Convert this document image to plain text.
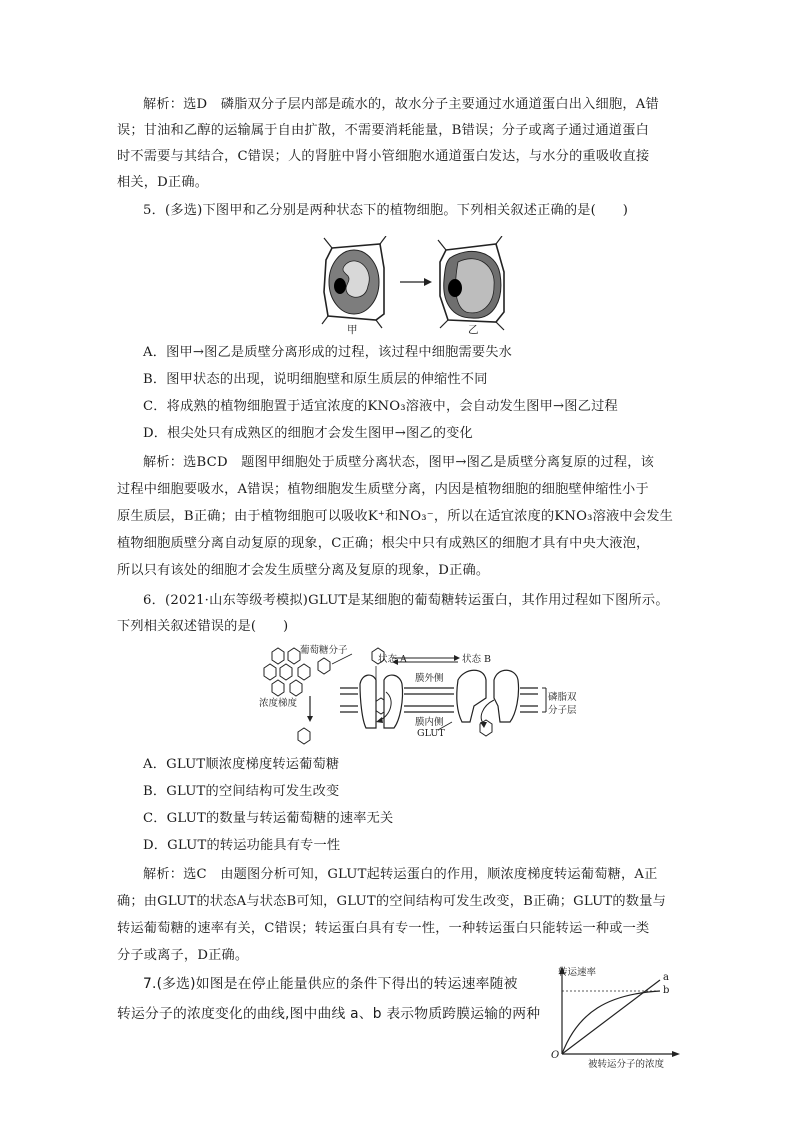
解析：选D　磷脂双分子层内部是疏水的，故水分子主要通过水通道蛋白出入细胞，A错

误；甘油和乙醇的运输属于自由扩散，不需要消耗能量，B错误；分子或离子通过通道蛋白

时不需要与其结合，C错误；人的肾脏中肾小管细胞水通道蛋白发达，与水分的重吸收直接

相关，D正确。

5．(多选)下图甲和乙分别是两种状态下的植物细胞。下列相关叙述正确的是(　　)

甲	乙

A．图甲→图乙是质壁分离形成的过程，该过程中细胞需要失水

B．图甲状态的出现，说明细胞壁和原生质层的伸缩性不同

C．将成熟的植物细胞置于适宜浓度的KNO₃溶液中，会自动发生图甲→图乙过程

D．根尖处只有成熟区的细胞才会发生图甲→图乙的变化

解析：选BCD　题图甲细胞处于质壁分离状态，图甲→图乙是质壁分离复原的过程，该

过程中细胞要吸水，A错误；植物细胞发生质壁分离，内因是植物细胞的细胞壁伸缩性小于

原生质层，B正确；由于植物细胞可以吸收K⁺和NO₃⁻，所以在适宜浓度的KNO₃溶液中会发生

植物细胞质壁分离自动复原的现象，C正确；根尖中只有成熟区的细胞才具有中央大液泡，

所以只有该处的细胞才会发生质壁分离及复原的现象，D正确。

6．(2021·山东等级考模拟)GLUT是某细胞的葡萄糖转运蛋白，其作用过程如下图所示。

下列相关叙述错误的是(　　)

葡萄糖分子
状态 A	状态 B
膜外侧
浓度梯度
磷脂双
分子层
膜内侧
GLUT

A．GLUT顺浓度梯度转运葡萄糖

B．GLUT的空间结构可发生改变

C．GLUT的数量与转运葡萄糖的速率无关

D．GLUT的转运功能具有专一性

解析：选C　由题图分析可知，GLUT起转运蛋白的作用，顺浓度梯度转运葡萄糖，A正

确；由GLUT的状态A与状态B可知，GLUT的空间结构可发生改变，B正确；GLUT的数量与

转运葡萄糖的速率有关，C错误；转运蛋白具有专一性，一种转运蛋白只能转运一种或一类

分子或离子，D正确。

7.(多选)如图是在停止能量供应的条件下得出的转运速率随被

转运分子的浓度变化的曲线,图中曲线 a、b 表示物质跨膜运输的两种

转运速率	a
b
O
被转运分子的浓度
